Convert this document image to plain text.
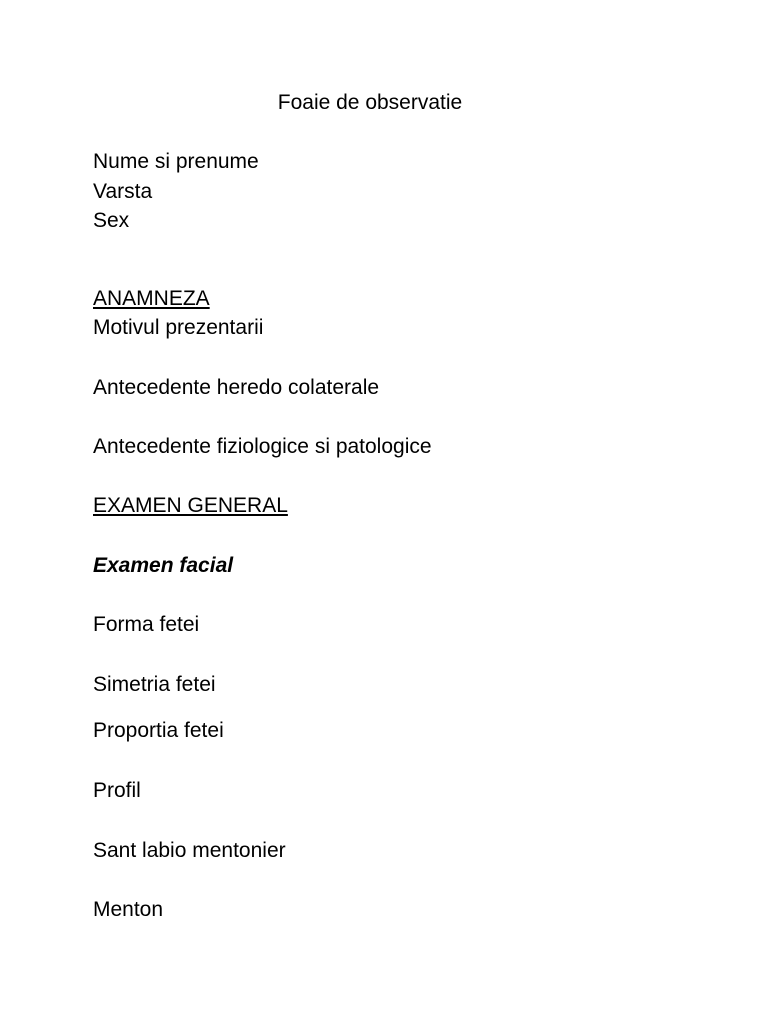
Foaie de observatie
Nume si prenume
Varsta
Sex
ANAMNEZA
Motivul prezentarii
Antecedente heredo colaterale
Antecedente fiziologice si patologice
EXAMEN GENERAL
Examen facial
Forma fetei
Simetria fetei
Proportia fetei
Profil
Sant labio mentonier
Menton
